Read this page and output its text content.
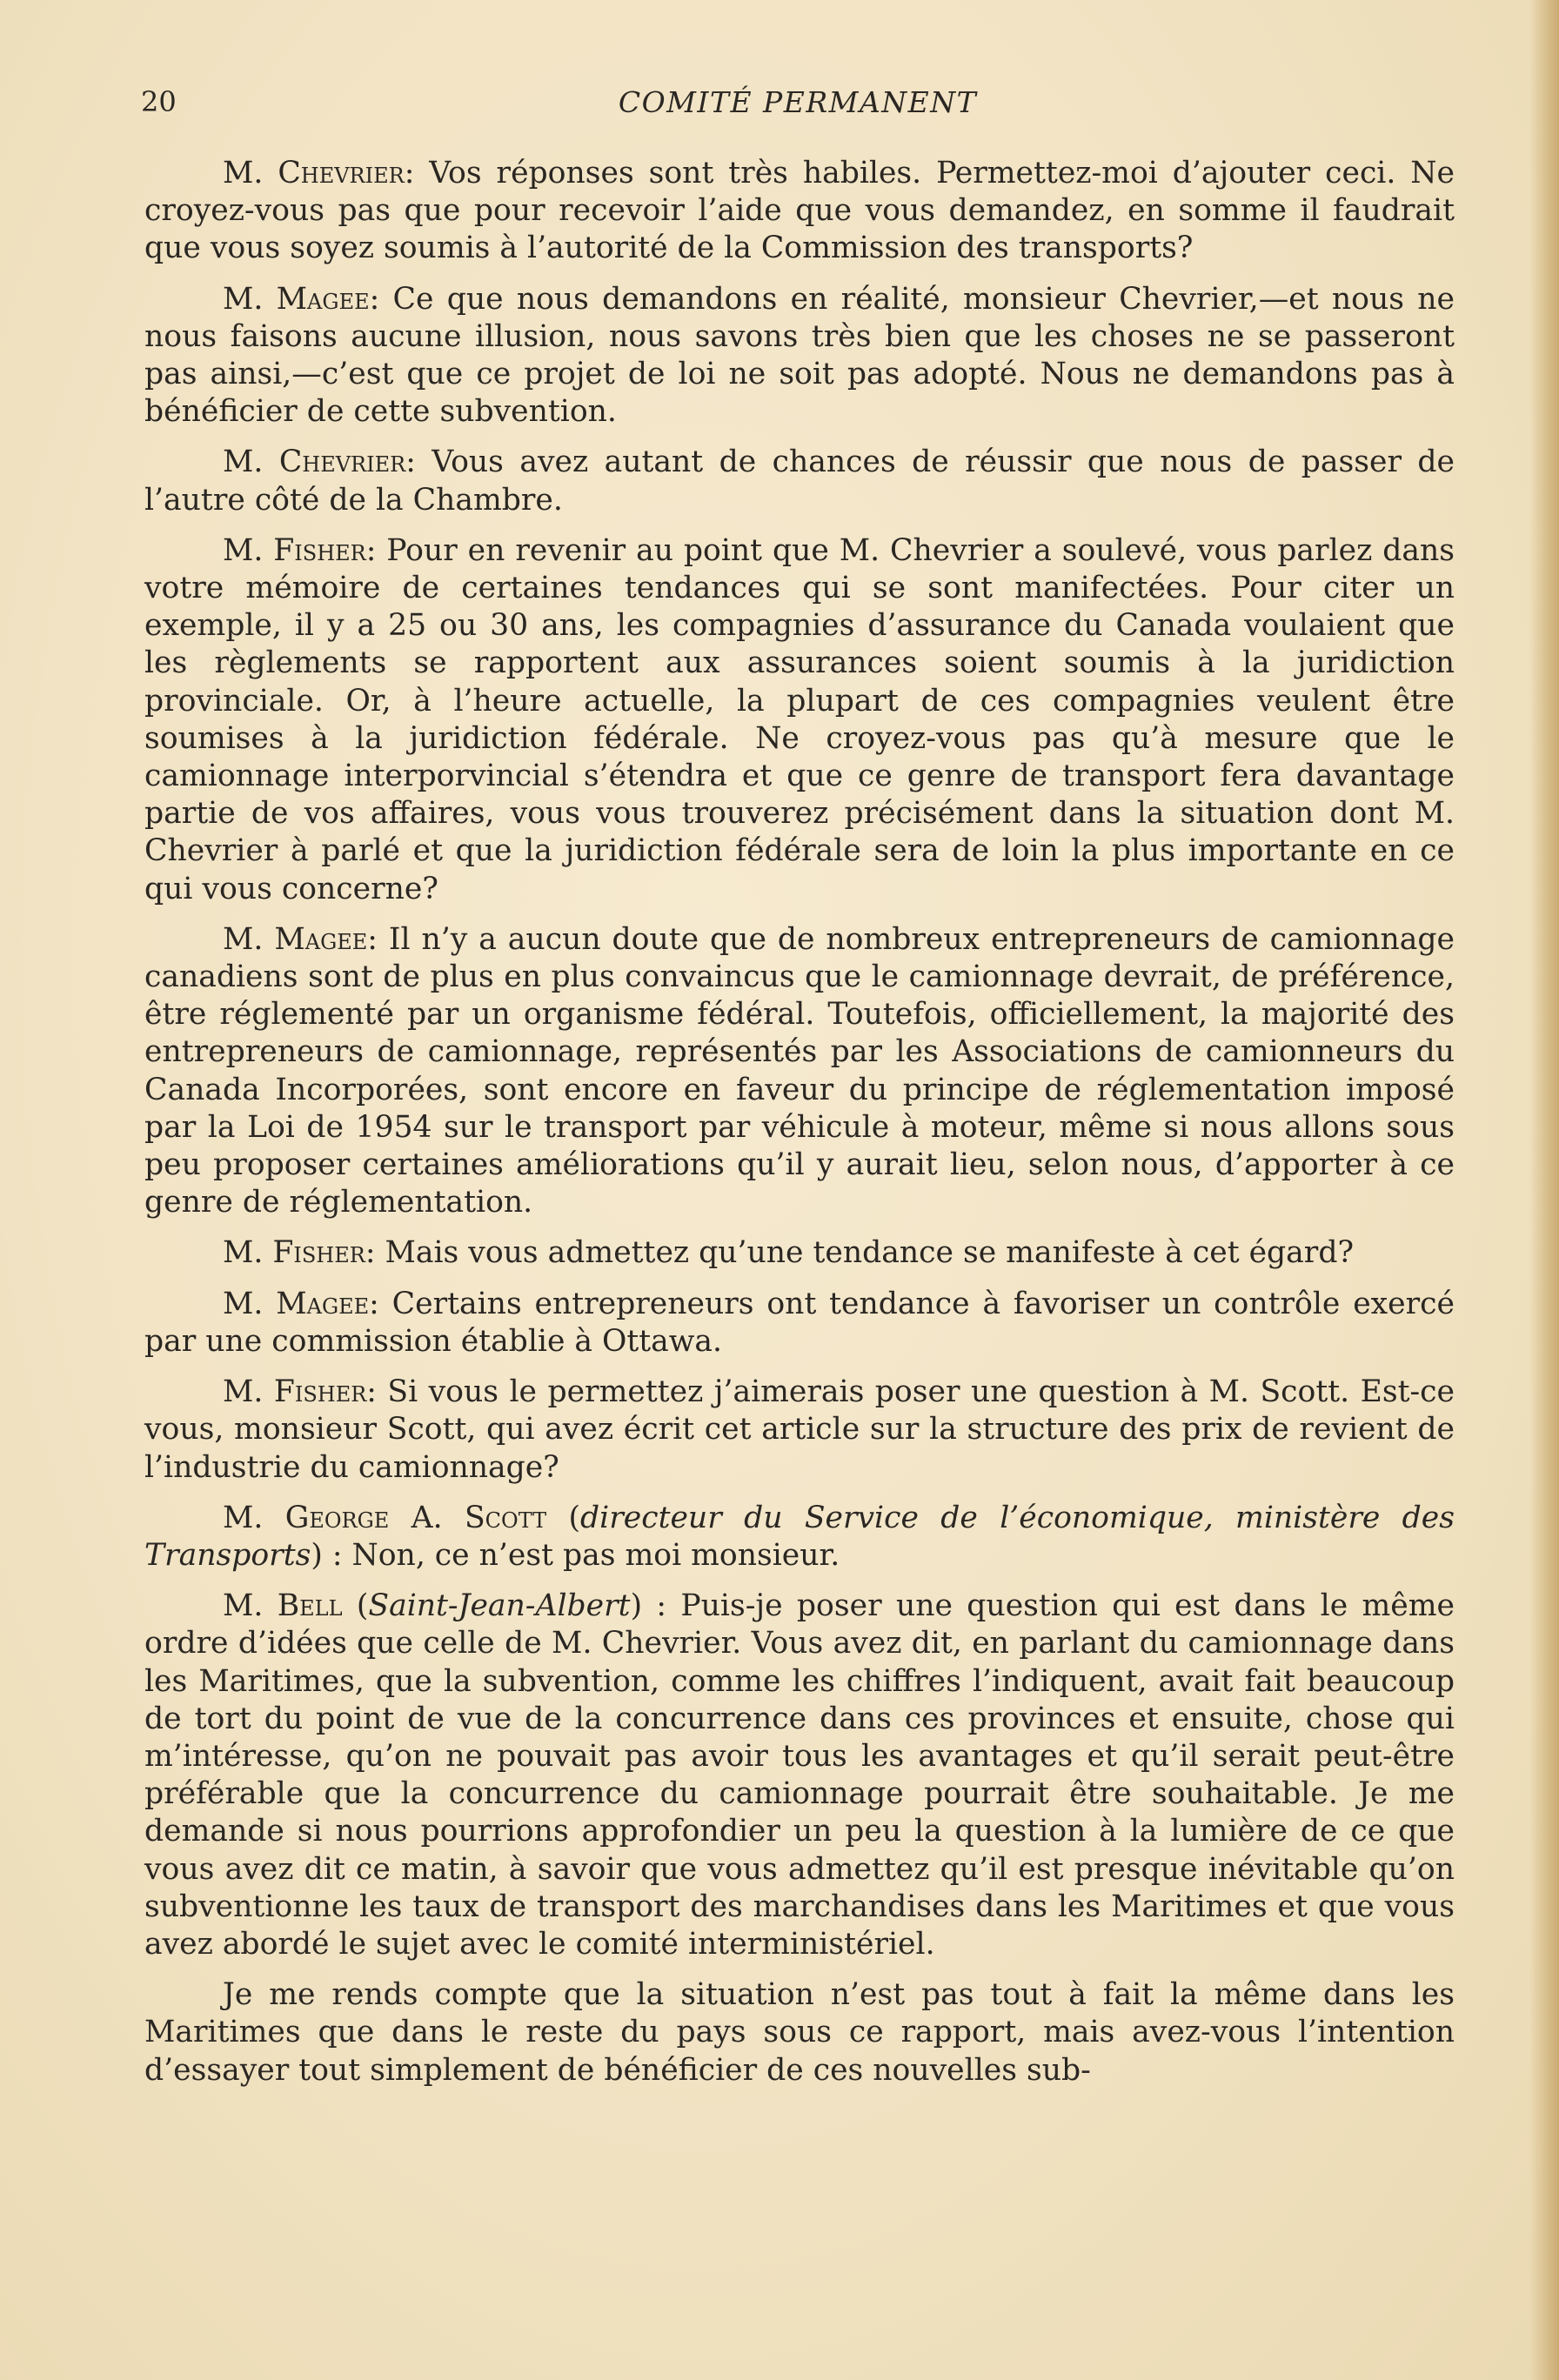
20	COMITÉ PERMANENT

M. Chevrier: Vos réponses sont très habiles. Permettez-moi d’ajouter ceci. Ne croyez-vous pas que pour recevoir l’aide que vous demandez, en somme il faudrait que vous soyez soumis à l’autorité de la Commission des transports?

M. Magee: Ce que nous demandons en réalité, monsieur Chevrier,—et nous ne nous faisons aucune illusion, nous savons très bien que les choses ne se passeront pas ainsi,—c’est que ce projet de loi ne soit pas adopté. Nous ne demandons pas à bénéficier de cette subvention.

M. Chevrier: Vous avez autant de chances de réussir que nous de passer de l’autre côté de la Chambre.

M. Fisher: Pour en revenir au point que M. Chevrier a soulevé, vous parlez dans votre mémoire de certaines tendances qui se sont manifectées. Pour citer un exemple, il y a 25 ou 30 ans, les compagnies d’assurance du Canada voulaient que les règlements se rapportent aux assurances soient soumis à la juridiction provinciale. Or, à l’heure actuelle, la plupart de ces compagnies veulent être soumises à la juridiction fédérale. Ne croyez-vous pas qu’à mesure que le camionnage interporvincial s’étendra et que ce genre de transport fera davantage partie de vos affaires, vous vous trouverez précisément dans la situation dont M. Chevrier à parlé et que la juridiction fédérale sera de loin la plus importante en ce qui vous concerne?

M. Magee: Il n’y a aucun doute que de nombreux entrepreneurs de camionnage canadiens sont de plus en plus convaincus que le camionnage devrait, de préférence, être réglementé par un organisme fédéral. Toutefois, officiellement, la majorité des entrepreneurs de camionnage, représentés par les Associations de camionneurs du Canada Incorporées, sont encore en faveur du principe de réglementation imposé par la Loi de 1954 sur le transport par véhicule à moteur, même si nous allons sous peu proposer certaines améliorations qu’il y aurait lieu, selon nous, d’apporter à ce genre de réglementation.

M. Fisher: Mais vous admettez qu’une tendance se manifeste à cet égard?

M. Magee: Certains entrepreneurs ont tendance à favoriser un contrôle exercé par une commission établie à Ottawa.

M. Fisher: Si vous le permettez j’aimerais poser une question à M. Scott. Est-ce vous, monsieur Scott, qui avez écrit cet article sur la structure des prix de revient de l’industrie du camionnage?

M. George A. Scott (directeur du Service de l’économique, ministère des Transports) : Non, ce n’est pas moi monsieur.

M. Bell (Saint-Jean-Albert) : Puis-je poser une question qui est dans le même ordre d’idées que celle de M. Chevrier. Vous avez dit, en parlant du camionnage dans les Maritimes, que la subvention, comme les chiffres l’indiquent, avait fait beaucoup de tort du point de vue de la concurrence dans ces provinces et ensuite, chose qui m’intéresse, qu’on ne pouvait pas avoir tous les avantages et qu’il serait peut-être préférable que la concurrence du camionnage pourrait être souhaitable. Je me demande si nous pourrions approfondier un peu la question à la lumière de ce que vous avez dit ce matin, à savoir que vous admettez qu’il est presque inévitable qu’on subventionne les taux de transport des marchandises dans les Maritimes et que vous avez abordé le sujet avec le comité interministériel.

Je me rends compte que la situation n’est pas tout à fait la même dans les Maritimes que dans le reste du pays sous ce rapport, mais avez-vous l’intention d’essayer tout simplement de bénéficier de ces nouvelles sub-
